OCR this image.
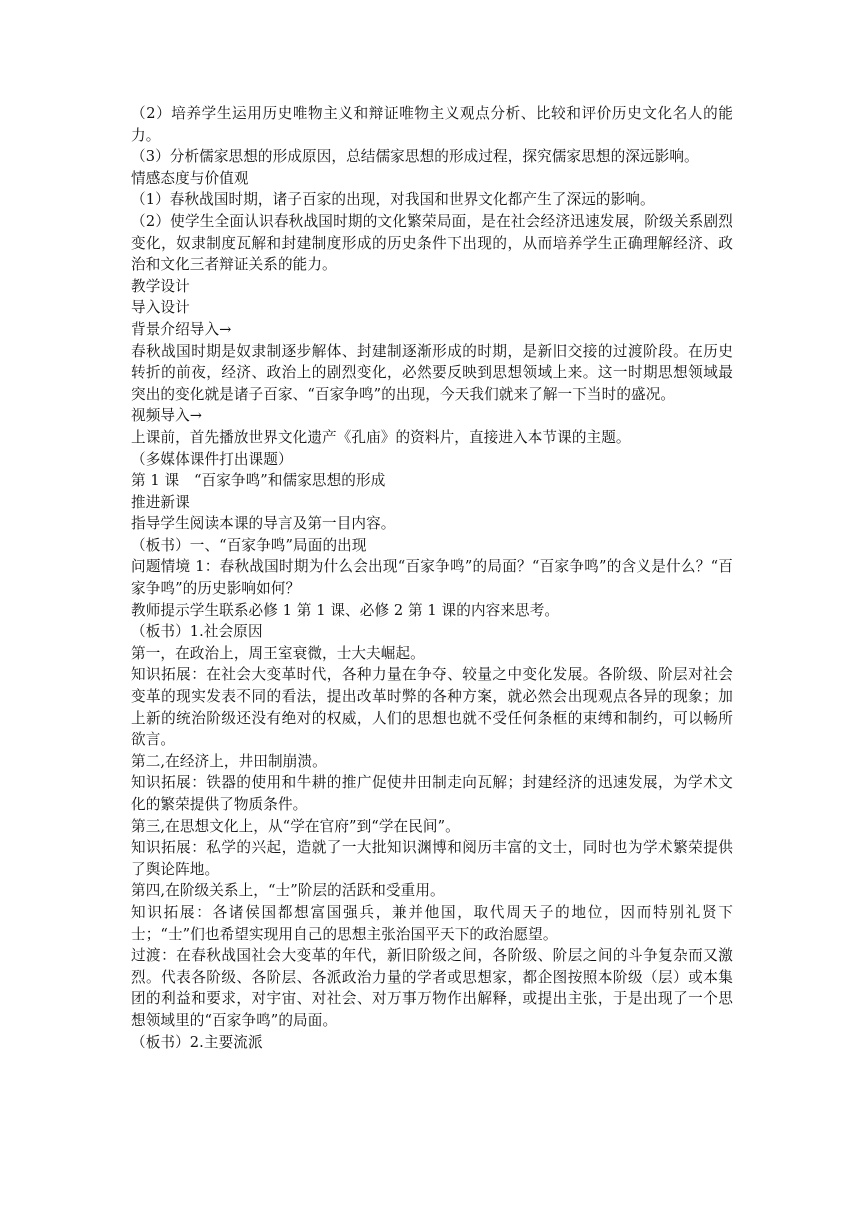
（2）培养学生运用历史唯物主义和辩证唯物主义观点分析、比较和评价历史文化名人的能力。

（3）分析儒家思想的形成原因，总结儒家思想的形成过程，探究儒家思想的深远影响。

情感态度与价值观

（1）春秋战国时期，诸子百家的出现，对我国和世界文化都产生了深远的影响。

（2）使学生全面认识春秋战国时期的文化繁荣局面，是在社会经济迅速发展，阶级关系剧烈变化，奴隶制度瓦解和封建制度形成的历史条件下出现的，从而培养学生正确理解经济、政治和文化三者辩证关系的能力。

教学设计

导入设计

背景介绍导入→

春秋战国时期是奴隶制逐步解体、封建制逐渐形成的时期，是新旧交接的过渡阶段。在历史转折的前夜，经济、政治上的剧烈变化，必然要反映到思想领域上来。这一时期思想领域最突出的变化就是诸子百家、“百家争鸣”的出现，今天我们就来了解一下当时的盛况。

视频导入→

上课前，首先播放世界文化遗产《孔庙》的资料片，直接进入本节课的主题。

（多媒体课件打出课题）

第 1 课　“百家争鸣”和儒家思想的形成

推进新课

指导学生阅读本课的导言及第一目内容。

（板书）一、“百家争鸣”局面的出现

问题情境 1：春秋战国时期为什么会出现“百家争鸣”的局面？“百家争鸣”的含义是什么？“百家争鸣”的历史影响如何？

教师提示学生联系必修 1 第 1 课、必修 2 第 1 课的内容来思考。

（板书）1.社会原因

第一，在政治上，周王室衰微，士大夫崛起。

知识拓展：在社会大变革时代，各种力量在争夺、较量之中变化发展。各阶级、阶层对社会变革的现实发表不同的看法，提出改革时弊的各种方案，就必然会出现观点各异的现象；加上新的统治阶级还没有绝对的权威，人们的思想也就不受任何条框的束缚和制约，可以畅所欲言。

第二,在经济上，井田制崩溃。

知识拓展：铁器的使用和牛耕的推广促使井田制走向瓦解；封建经济的迅速发展，为学术文化的繁荣提供了物质条件。

第三,在思想文化上，从“学在官府”到“学在民间”。

知识拓展：私学的兴起，造就了一大批知识渊博和阅历丰富的文士，同时也为学术繁荣提供了舆论阵地。

第四,在阶级关系上，“士”阶层的活跃和受重用。

知识拓展：各诸侯国都想富国强兵，兼并他国，取代周天子的地位，因而特别礼贤下士；“士”们也希望实现用自己的思想主张治国平天下的政治愿望。

过渡：在春秋战国社会大变革的年代，新旧阶级之间，各阶级、阶层之间的斗争复杂而又激烈。代表各阶级、各阶层、各派政治力量的学者或思想家，都企图按照本阶级（层）或本集团的利益和要求，对宇宙、对社会、对万事万物作出解释，或提出主张，于是出现了一个思想领域里的“百家争鸣”的局面。

（板书）2.主要流派
